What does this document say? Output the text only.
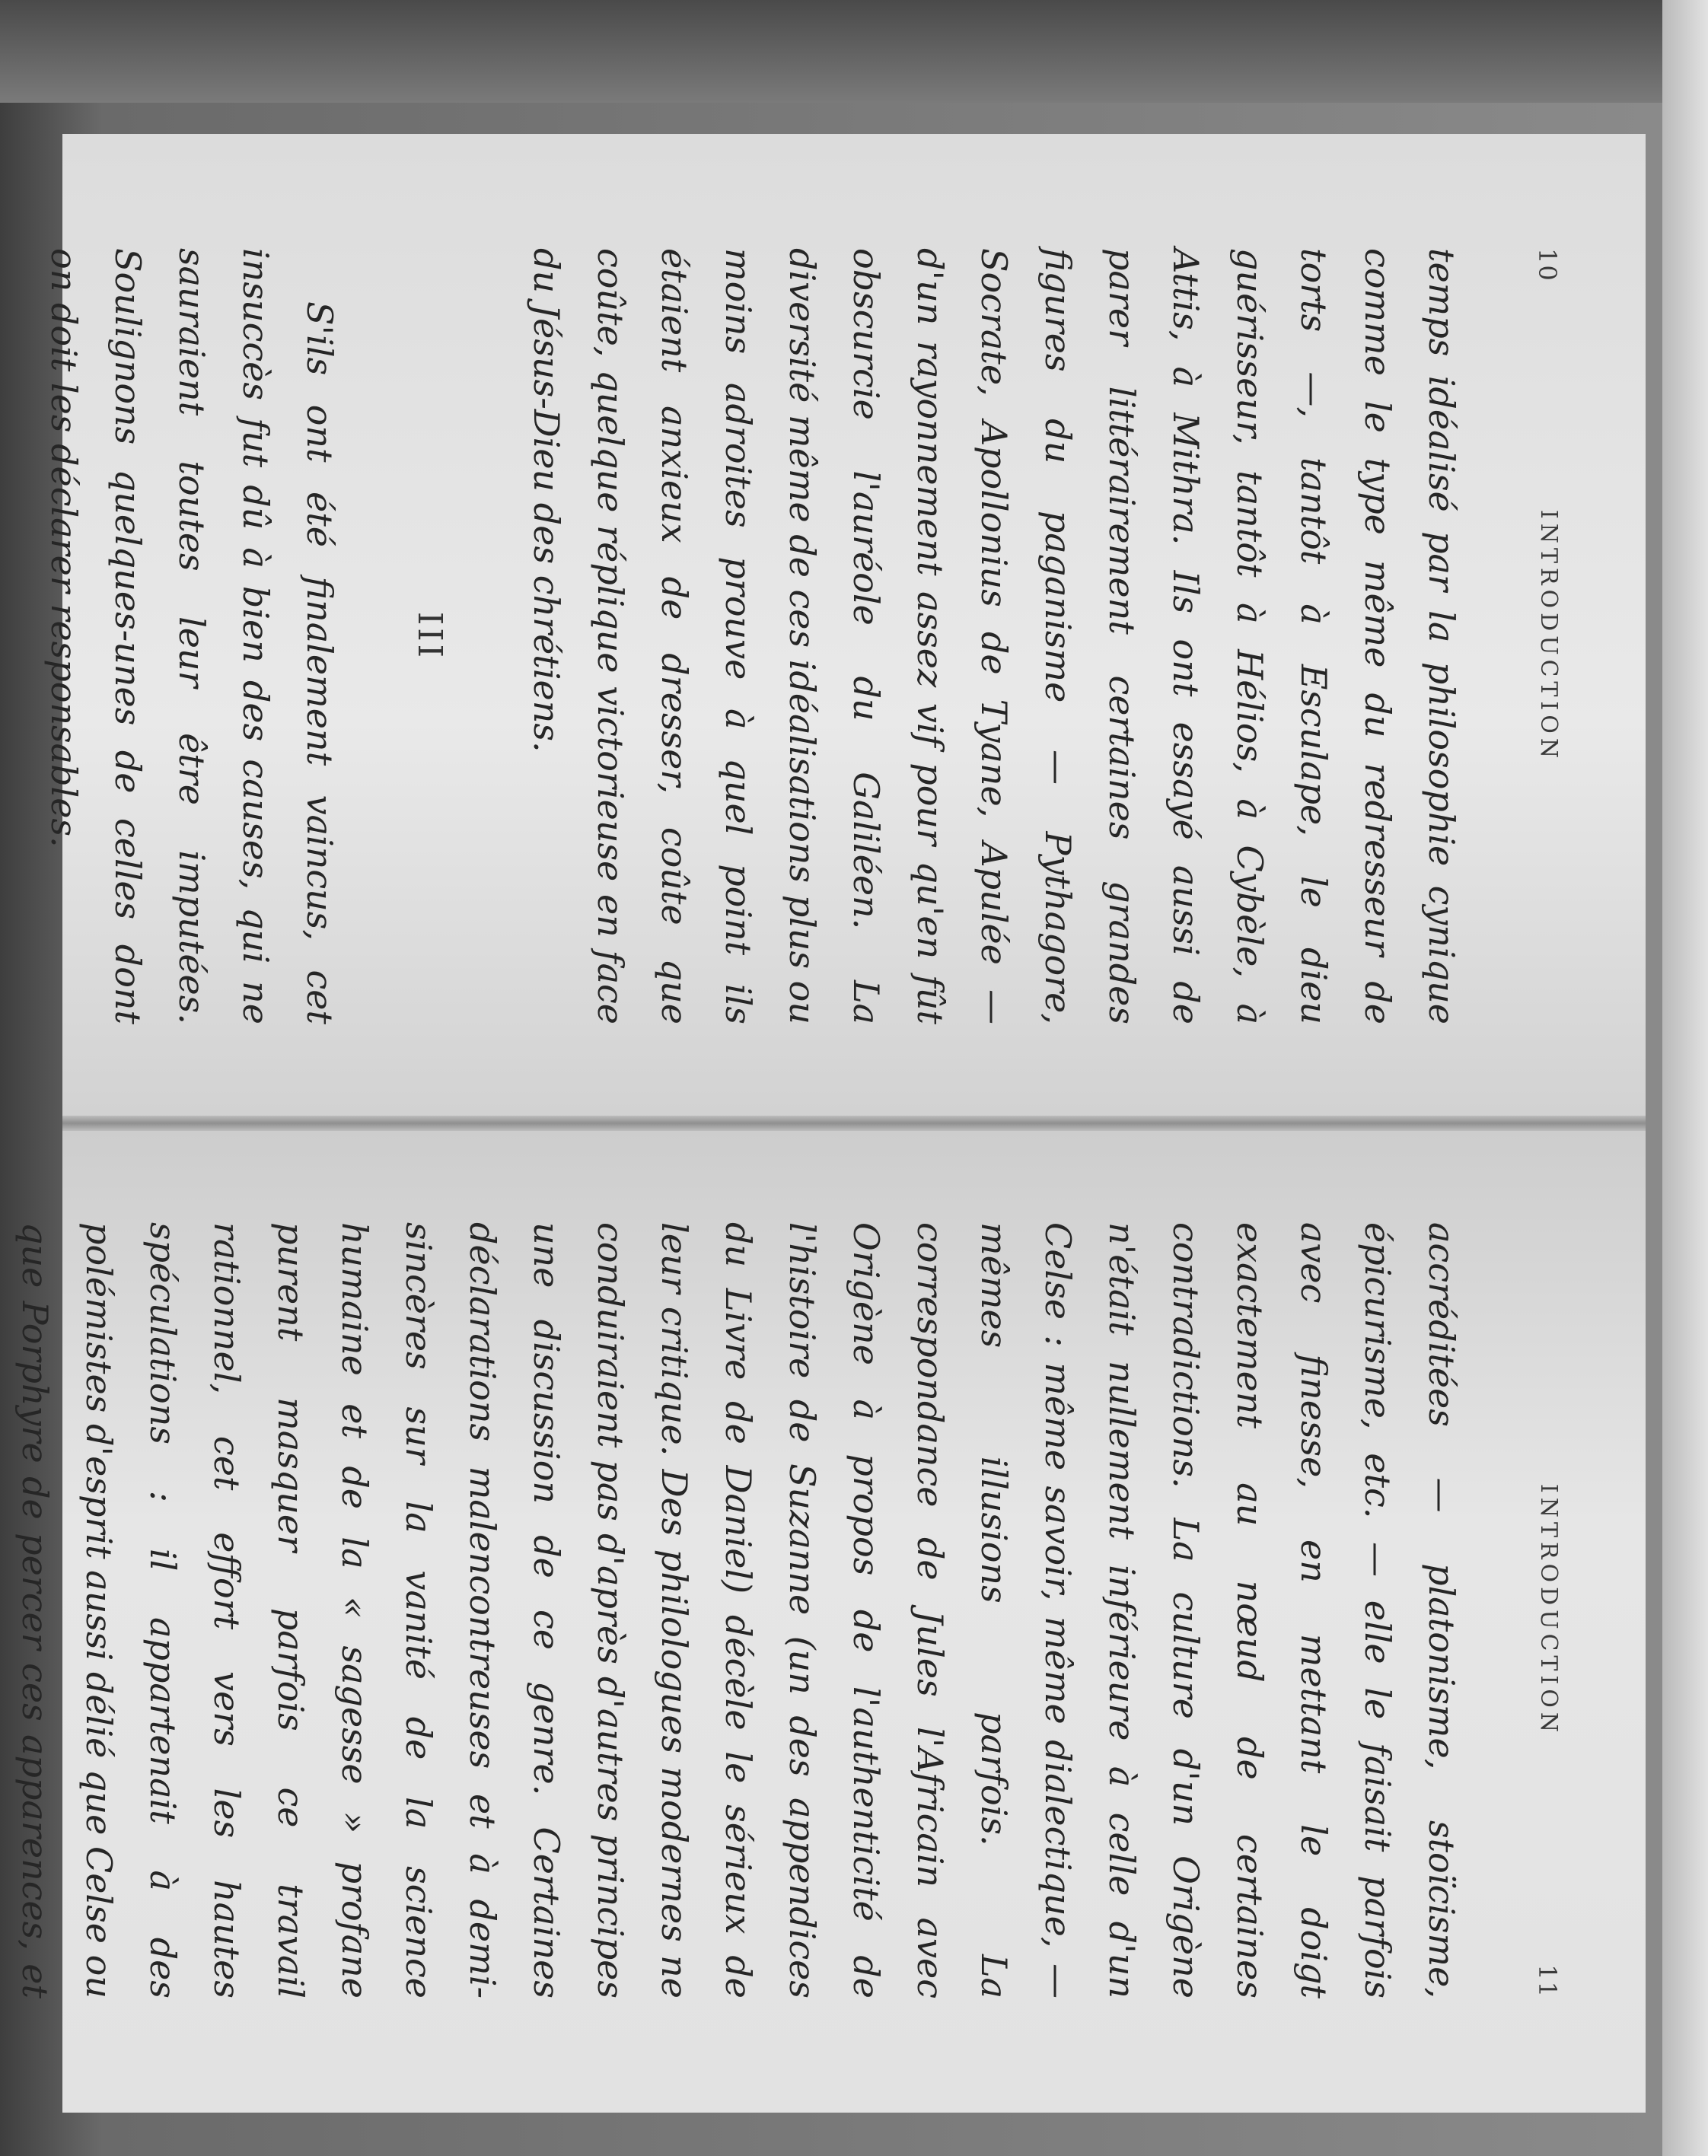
10
INTRODUCTION

temps idéalisé par la philosophie cynique comme le type même du redresseur de torts —, tantôt à Esculape, le dieu guérisseur, tantôt à Hélios, à Cybèle, à Attis, à Mithra. Ils ont essayé aussi de parer littérairement certaines grandes figures du paganisme — Pythagore, Socrate, Apollonius de Tyane, Apulée — d'un rayonnement assez vif pour qu'en fût obscurcie l'auréole du Galiléen. La diversité même de ces idéalisations plus ou moins adroites prouve à quel point ils étaient anxieux de dresser, coûte que coûte, quelque réplique victorieuse en face du Jésus-Dieu des chrétiens.

III

S'ils ont été finalement vaincus, cet insuccès fut dû à bien des causes, qui ne sauraient toutes leur être imputées. Soulignons quelques-unes de celles dont on doit les déclarer responsables.

INTRODUCTION
11

accréditées — platonisme, stoïcisme, épicurisme, etc. — elle le faisait parfois avec finesse, en mettant le doigt exactement au nœud de certaines contradictions. La culture d'un Origène n'était nullement inférieure à celle d'un Celse : même savoir, même dialectique, — mêmes illusions parfois. La correspondance de Jules l'Africain avec Origène à propos de l'authenticité de l'histoire de Suzanne (un des appendices du Livre de Daniel) décèle le sérieux de leur critique. Des philologues modernes ne conduiraient pas d'après d'autres principes une discussion de ce genre. Certaines déclarations malencontreuses et à demi-sincères sur la vanité de la science humaine et de la « sagesse » profane purent masquer parfois ce travail rationnel, cet effort vers les hautes spéculations : il appartenait à des polémistes d'esprit aussi délié que Celse ou que Porphyre de percer ces apparences, et
